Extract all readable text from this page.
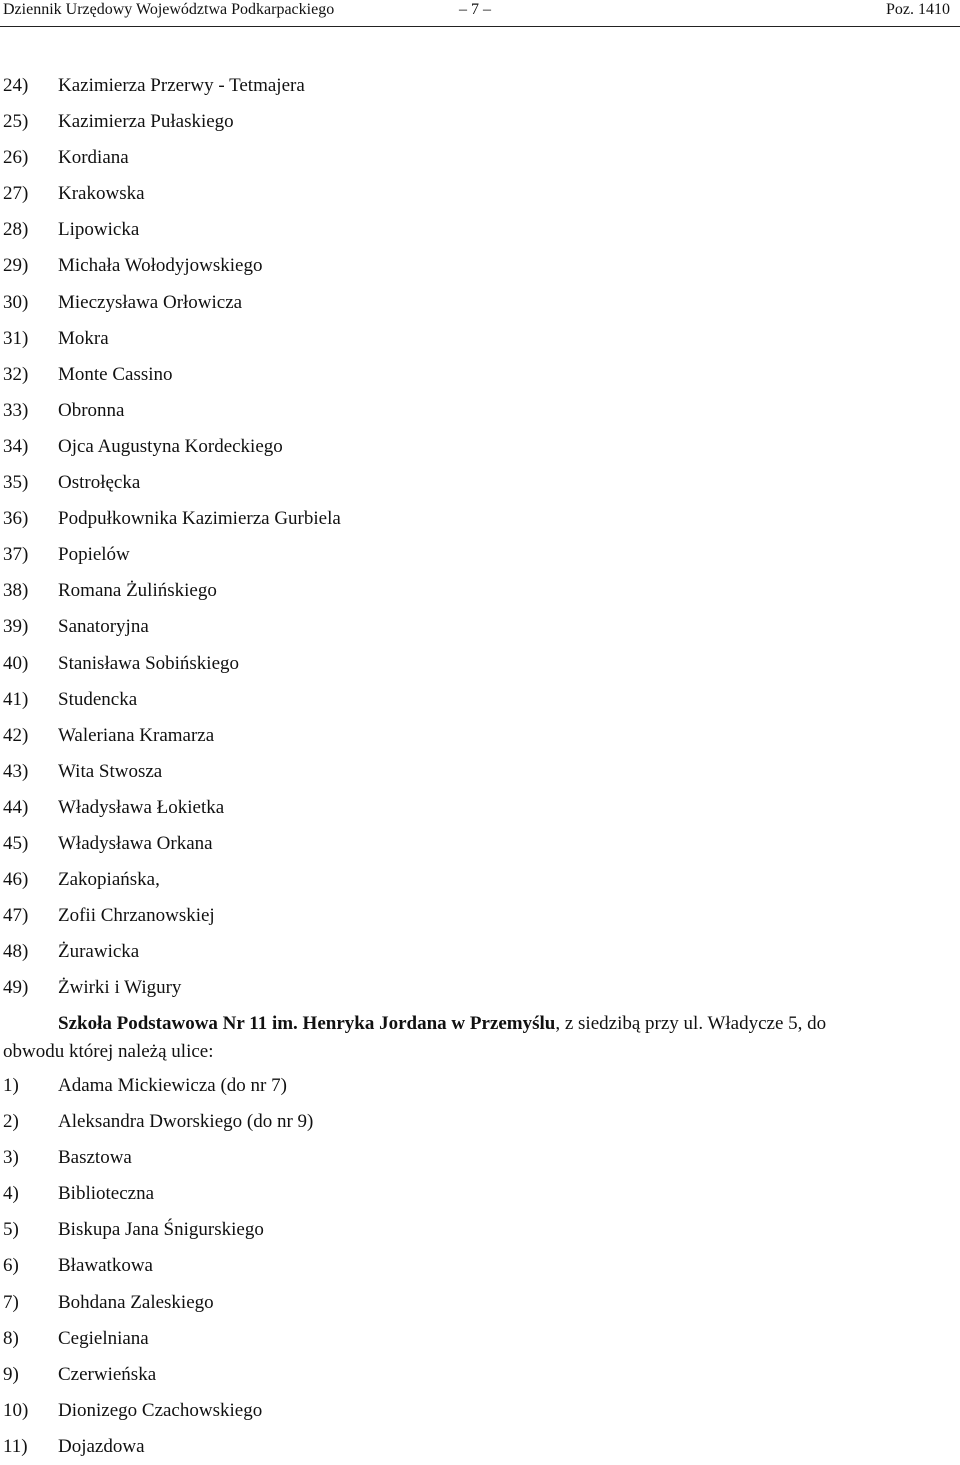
Dziennik Urzędowy Województwa Podkarpackiego	– 7 –	Poz. 1410
24) Kazimierza Przerwy - Tetmajera
25) Kazimierza Pułaskiego
26) Kordiana
27) Krakowska
28) Lipowicka
29) Michała Wołodyjowskiego
30) Mieczysława Orłowicza
31) Mokra
32) Monte Cassino
33) Obronna
34) Ojca Augustyna Kordeckiego
35) Ostrołęcka
36) Podpułkownika Kazimierza Gurbiela
37) Popielów
38) Romana Żulińskiego
39) Sanatoryjna
40) Stanisława Sobińskiego
41) Studencka
42) Waleriana Kramarza
43) Wita Stwosza
44) Władysława Łokietka
45) Władysława Orkana
46) Zakopiańska,
47) Zofii Chrzanowskiej
48) Żurawicka
49) Żwirki i Wigury
Szkoła Podstawowa Nr 11 im. Henryka Jordana w Przemyślu, z siedzibą przy ul. Władycze 5, do
obwodu której należą ulice:
1) Adama Mickiewicza (do nr 7)
2) Aleksandra Dworskiego (do nr 9)
3) Basztowa
4) Biblioteczna
5) Biskupa Jana Śnigurskiego
6) Bławatkowa
7) Bohdana Zaleskiego
8) Cegielniana
9) Czerwieńska
10) Dionizego Czachowskiego
11) Dojazdowa
